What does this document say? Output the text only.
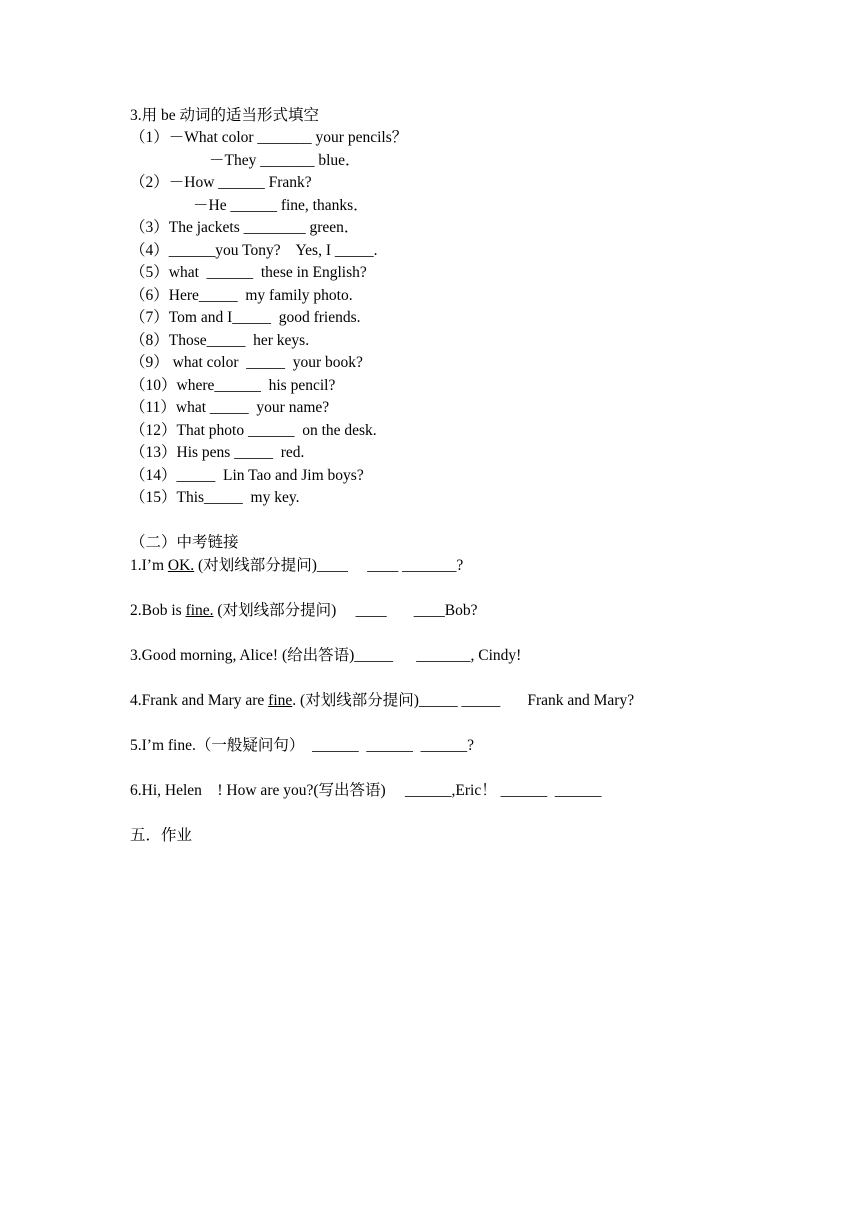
3.用 be 动词的适当形式填空
（1）－What color _______ your pencils？
－They _______ blue．
（2）－How ______ Frank?
－He ______ fine, thanks．
（3）The jackets ________ green．
（4）______you Tony?    Yes, I _____.
（5）what  ______  these in English?
（6）Here_____  my family photo.
（7）Tom and I_____  good friends.
（8）Those_____  her keys.
（9） what color  _____  your book?
（10）where______  his pencil?
（11）what _____  your name?
（12）That photo ______  on the desk.
（13）His pens _____  red.
（14）_____  Lin Tao and Jim boys?
（15）This_____  my key.
（二）中考链接
1.I’m OK. (对划线部分提问)____     ____ _______?
2.Bob is fine. (对划线部分提问)     ____       ____Bob?
3.Good morning, Alice! (给出答语)_____      _______, Cindy!
4.Frank and Mary are fine. (对划线部分提问)_____ _____       Frank and Mary?
5.I’m fine.（一般疑问句）  ______  ______  ______?
6.Hi, Helen    ! How are you?(写出答语)     ______,Eric！ ______  ______
五．作业
